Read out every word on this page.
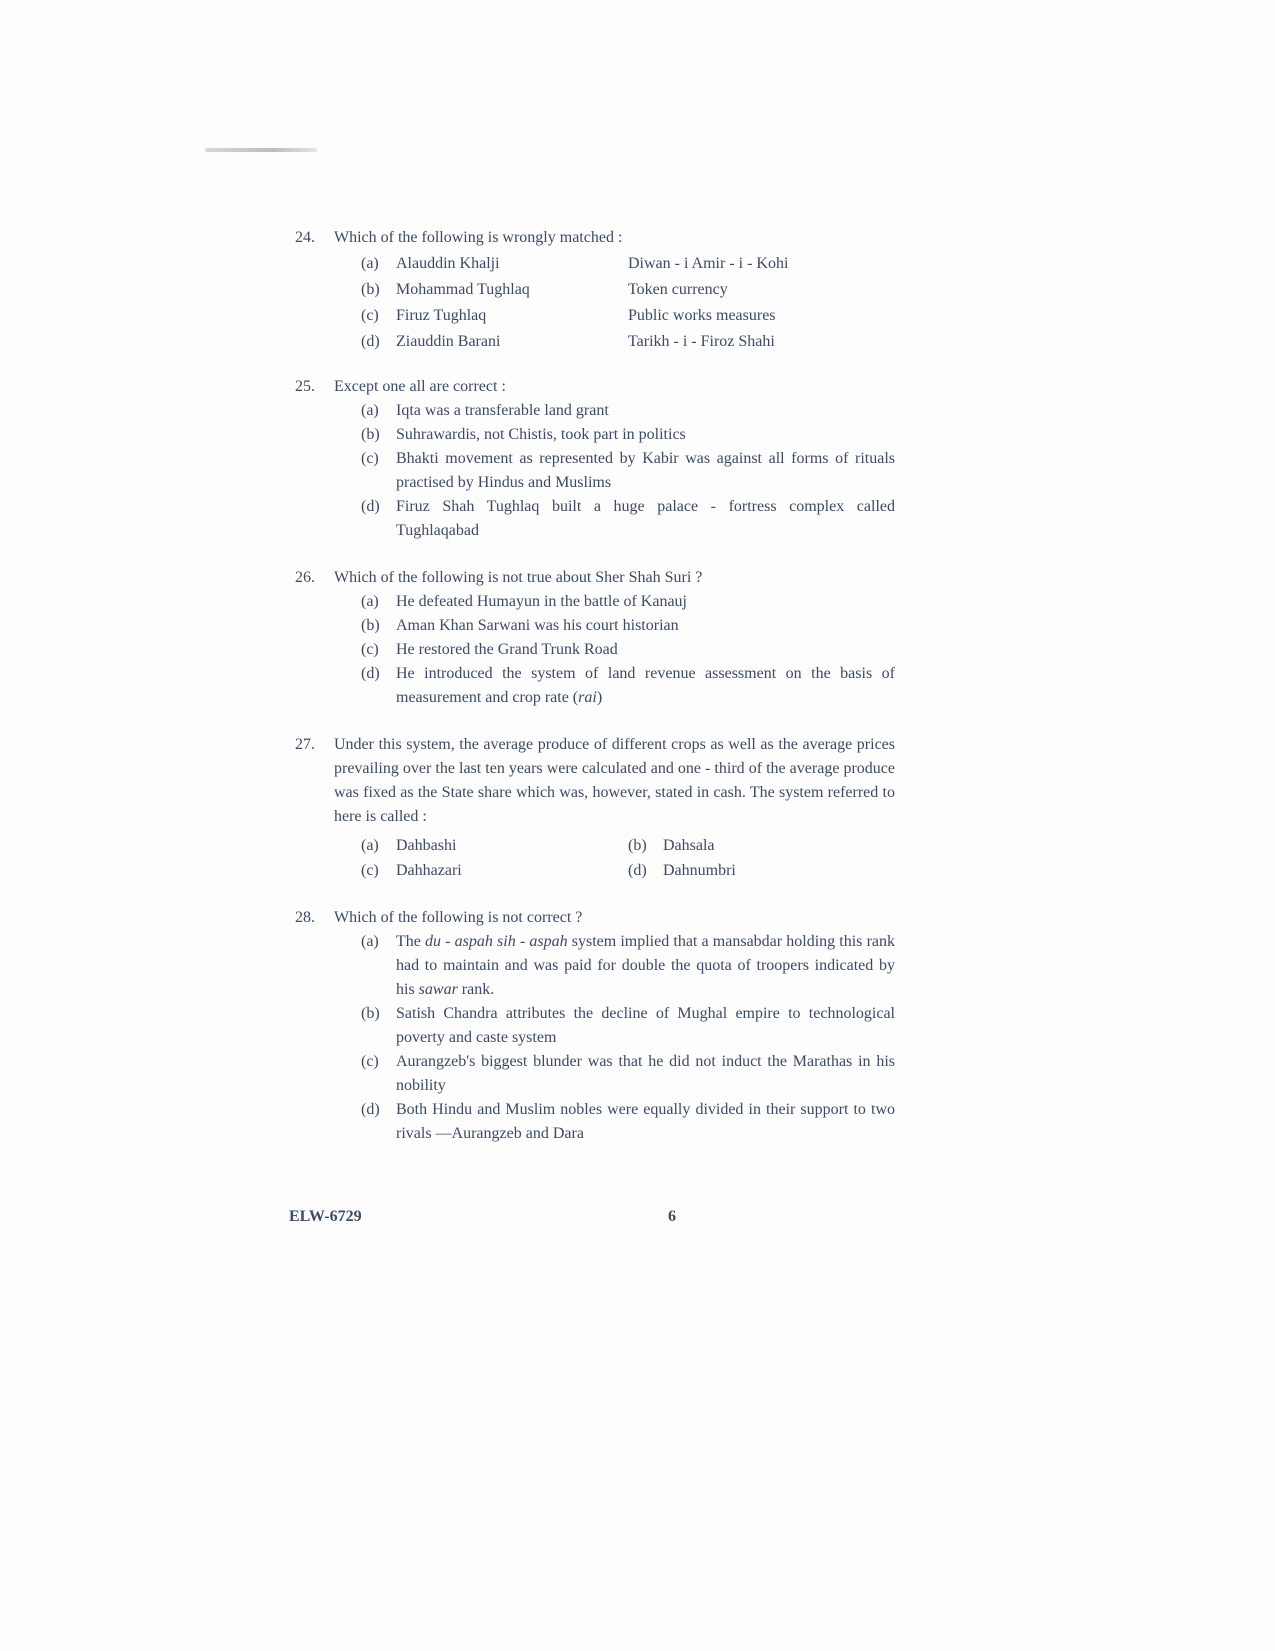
24.	Which of the following is wrongly matched :
(a)	Alauddin Khalji	Diwan - i Amir - i - Kohi
(b)	Mohammad Tughlaq	Token currency
(c)	Firuz Tughlaq	Public works measures
(d)	Ziauddin Barani	Tarikh - i - Firoz Shahi
25.	Except one all are correct :
(a)	Iqta was a transferable land grant
(b)	Suhrawardis, not Chistis, took part in politics
(c)	Bhakti movement as represented by Kabir was against all forms of rituals practised by Hindus and Muslims
(d)	Firuz Shah Tughlaq built a huge palace - fortress complex called Tughlaqabad
26.	Which of the following is not true about Sher Shah Suri ?
(a)	He defeated Humayun in the battle of Kanauj
(b)	Aman Khan Sarwani was his court historian
(c)	He restored the Grand Trunk Road
(d)	He introduced the system of land revenue assessment on the basis of measurement and crop rate (rai)
27.	Under this system, the average produce of different crops as well as the average prices prevailing over the last ten years were calculated and one - third of the average produce was fixed as the State share which was, however, stated in cash. The system referred to here is called :
(a)	Dahbashi	(b)	Dahsala
(c)	Dahhazari	(d)	Dahnumbri
28.	Which of the following is not correct ?
(a)	The du - aspah sih - aspah system implied that a mansabdar holding this rank had to maintain and was paid for double the quota of troopers indicated by his sawar rank.
(b)	Satish Chandra attributes the decline of Mughal empire to technological poverty and caste system
(c)	Aurangzeb's biggest blunder was that he did not induct the Marathas in his nobility
(d)	Both Hindu and Muslim nobles were equally divided in their support to two rivals —Aurangzeb and Dara
ELW-6729	6
